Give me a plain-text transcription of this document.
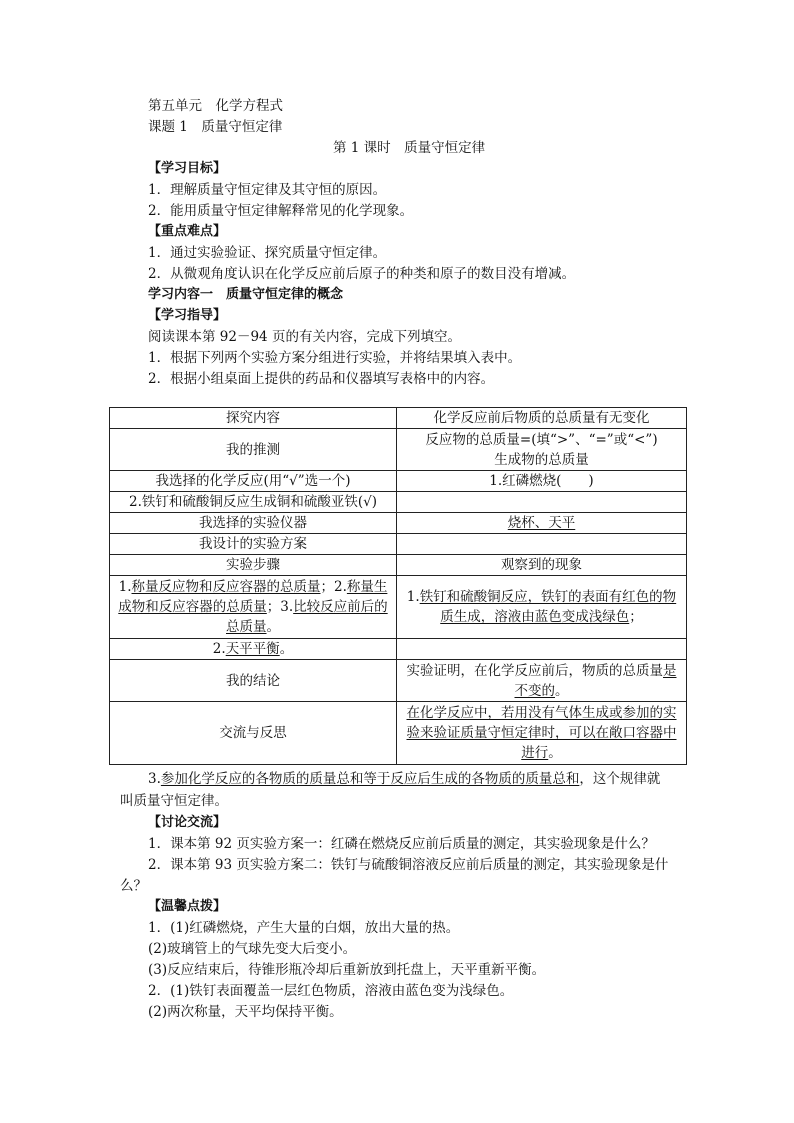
第五单元　化学方程式
课题 1　质量守恒定律
第 1 课时　质量守恒定律
【学习目标】
1．理解质量守恒定律及其守恒的原因。
2．能用质量守恒定律解释常见的化学现象。
【重点难点】
1．通过实验验证、探究质量守恒定律。
2．从微观角度认识在化学反应前后原子的种类和原子的数目没有增减。
学习内容一　质量守恒定律的概念
【学习指导】
阅读课本第 92－94 页的有关内容，完成下列填空。
1．根据下列两个实验方案分组进行实验，并将结果填入表中。
2．根据小组桌面上提供的药品和仪器填写表格中的内容。
探究内容	化学反应前后物质的总质量有无变化
我的推测	反应物的总质量=(填“>”、“=”或“<”)
生成物的总质量

我选择的化学反应(用“√”选一个)	1.红磷燃烧(　　)
2.铁钉和硫酸铜反应生成铜和硫酸亚铁(√)	
我选择的实验仪器	烧杯、天平
我设计的实验方案	
实验步骤	观察到的现象
1.称量反应物和反应容器的总质量；2.称量生成物和反应容器的总质量；3.比较反应前后的总质量。	1.铁钉和硫酸铜反应，铁钉的表面有红色的物质生成，溶液由蓝色变成浅绿色；
2.天平平衡。	
我的结论	实验证明，在化学反应前后，物质的总质量是不变的。
交流与反思	在化学反应中，若用没有气体生成或参加的实验来验证质量守恒定律时，可以在敞口容器中进行。
3.参加化学反应的各物质的质量总和等于反应后生成的各物质的质量总和，这个规律就
叫质量守恒定律。
【讨论交流】
1．课本第 92 页实验方案一：红磷在燃烧反应前后质量的测定，其实验现象是什么？
2．课本第 93 页实验方案二：铁钉与硫酸铜溶液反应前后质量的测定，其实验现象是什
么？
【温馨点拨】
1．(1)红磷燃烧，产生大量的白烟，放出大量的热。
(2)玻璃管上的气球先变大后变小。
(3)反应结束后，待锥形瓶冷却后重新放到托盘上，天平重新平衡。
2．(1)铁钉表面覆盖一层红色物质，溶液由蓝色变为浅绿色。
(2)两次称量，天平均保持平衡。
